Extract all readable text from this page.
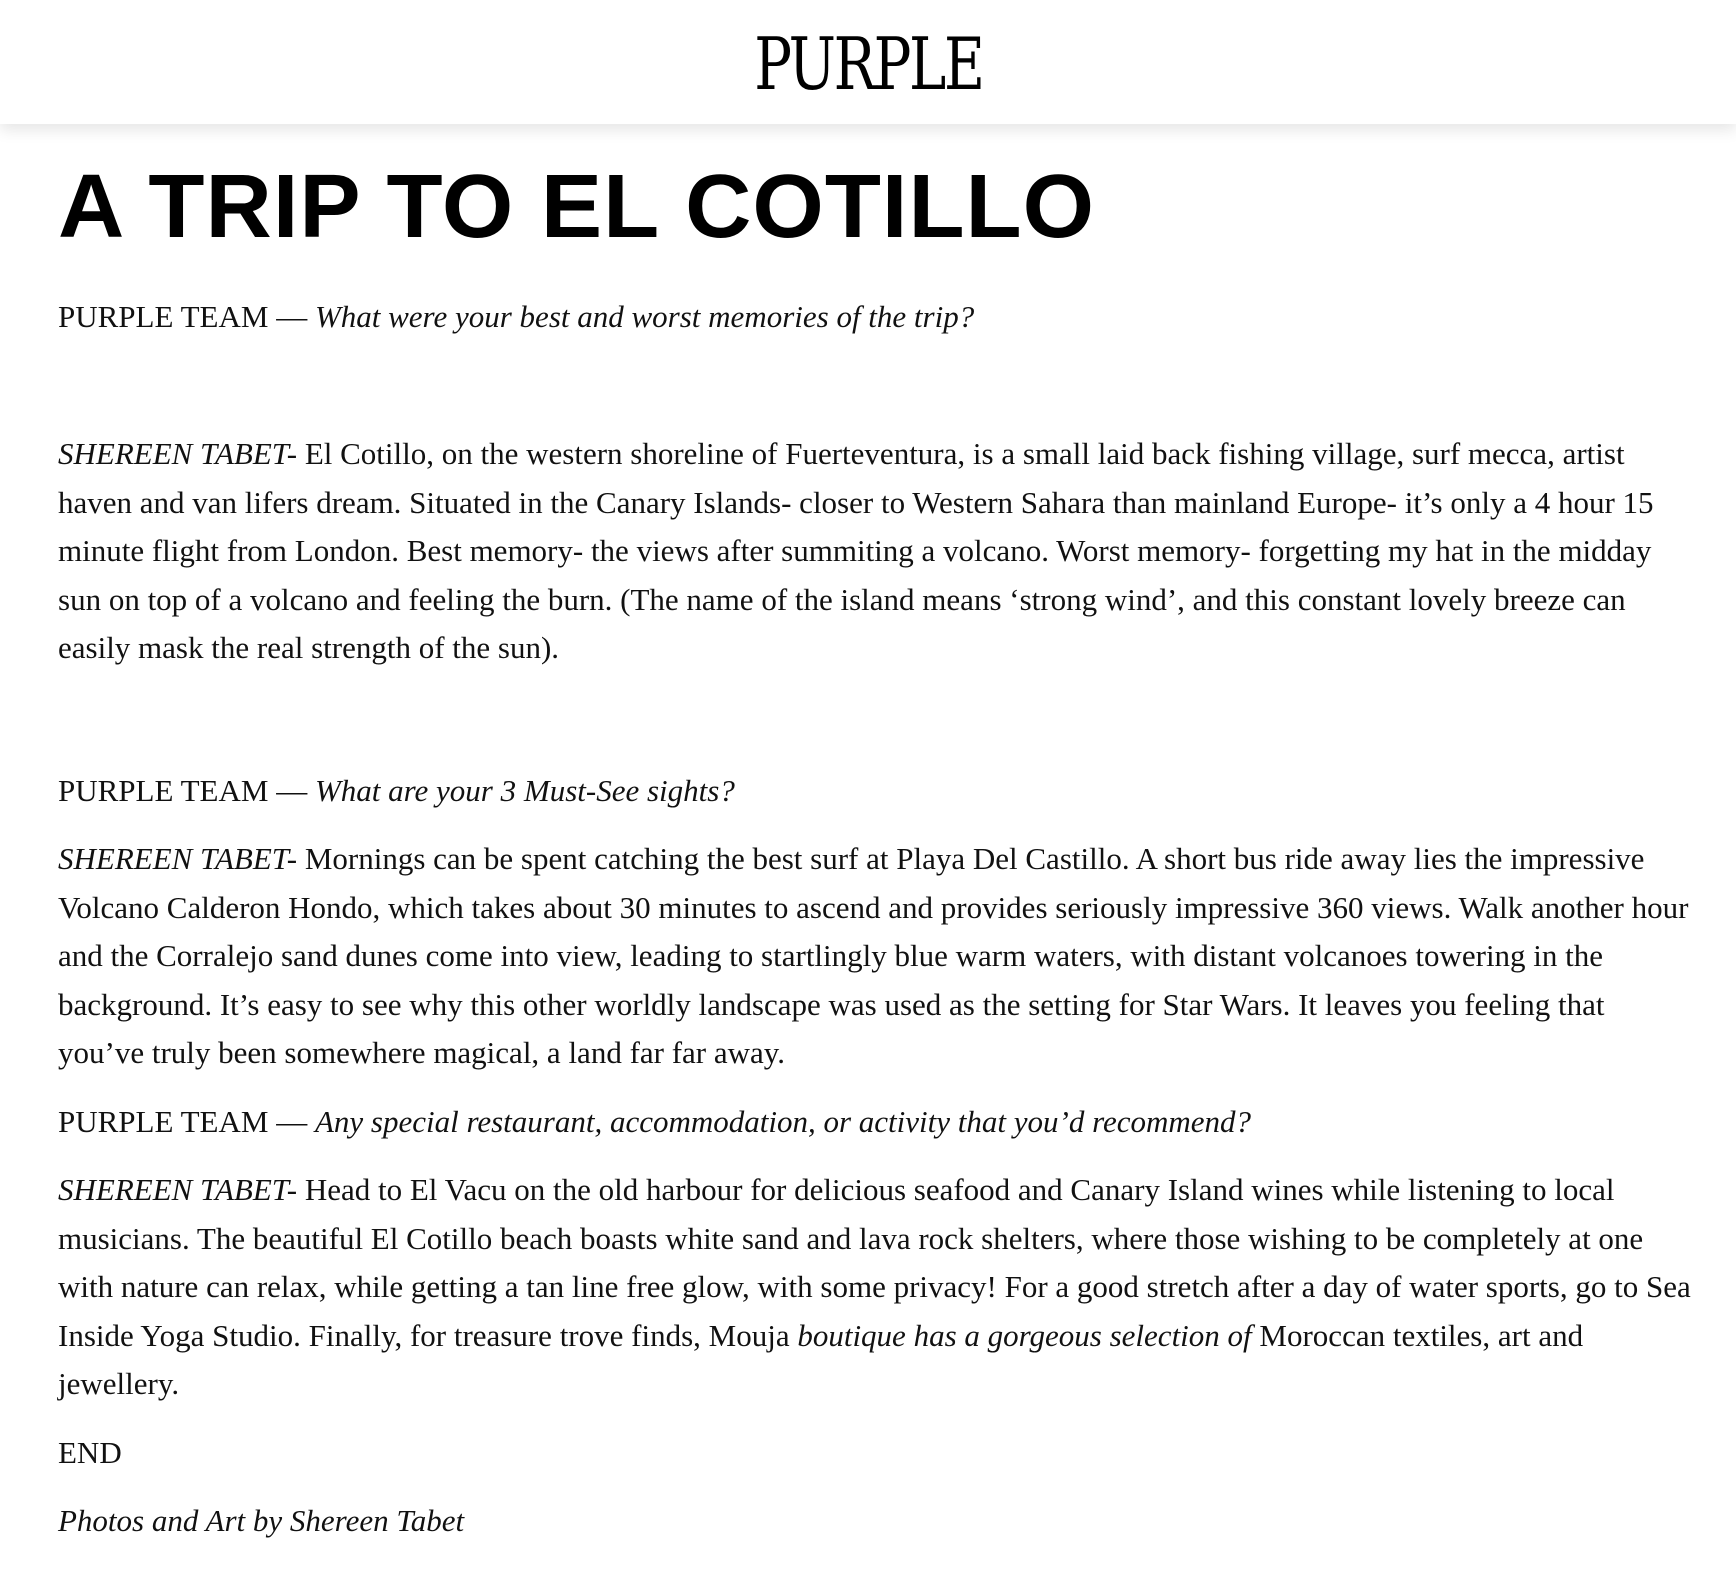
PURPLE
A TRIP TO EL COTILLO

PURPLE TEAM — What were your best and worst memories of the trip?

SHEREEN TABET- El Cotillo, on the western shoreline of Fuerteventura, is a small laid back fishing village, surf mecca, artist haven and van lifers dream. Situated in the Canary Islands- closer to Western Sahara than mainland Europe- it’s only a 4 hour 15 minute flight from London. Best memory- the views after summiting a volcano. Worst memory- forgetting my hat in the midday sun on top of a volcano and feeling the burn. (The name of the island means ‘strong wind’, and this constant lovely breeze can easily mask the real strength of the sun).

PURPLE TEAM — What are your 3 Must-See sights?

SHEREEN TABET- Mornings can be spent catching the best surf at Playa Del Castillo. A short bus ride away lies the impressive Volcano Calderon Hondo, which takes about 30 minutes to ascend and provides seriously impressive 360 views. Walk another hour and the Corralejo sand dunes come into view, leading to startlingly blue warm waters, with distant volcanoes towering in the background. It’s easy to see why this other worldly landscape was used as the setting for Star Wars. It leaves you feeling that you’ve truly been somewhere magical, a land far far away.

PURPLE TEAM — Any special restaurant, accommodation, or activity that you’d recommend?

SHEREEN TABET- Head to El Vacu on the old harbour for delicious seafood and Canary Island wines while listening to local musicians. The beautiful El Cotillo beach boasts white sand and lava rock shelters, where those wishing to be completely at one with nature can relax, while getting a tan line free glow, with some privacy! For a good stretch after a day of water sports, go to Sea Inside Yoga Studio. Finally, for treasure trove finds, Mouja boutique has a gorgeous selection of Moroccan textiles, art and jewellery.

END

Photos and Art by Shereen Tabet
